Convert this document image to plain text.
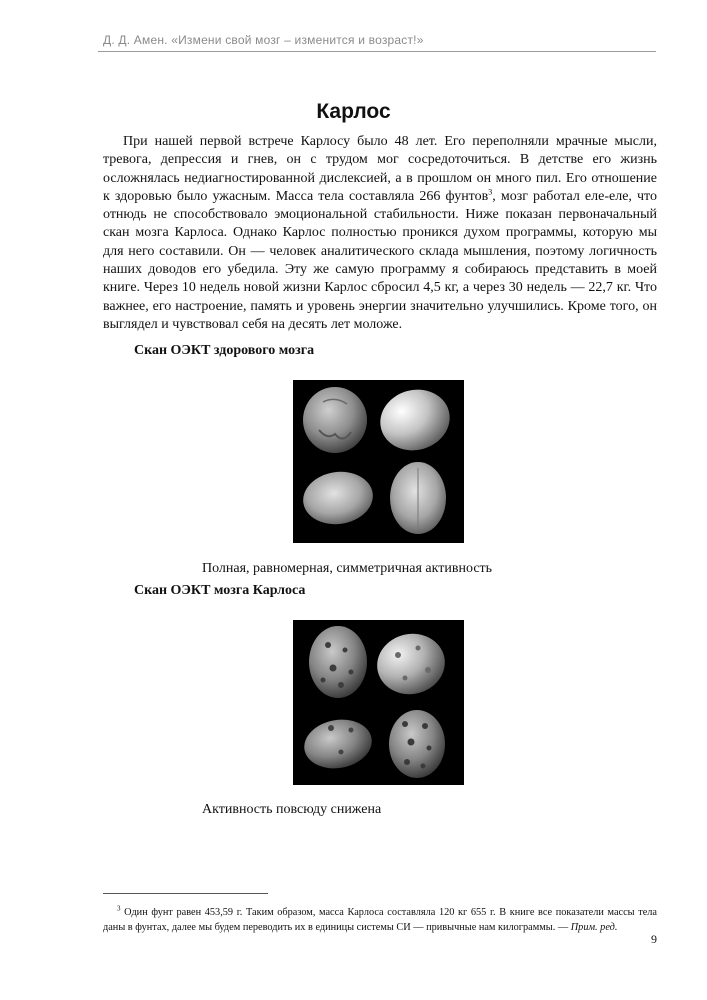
Д. Д. Амен. «Измени свой мозг – изменится и возраст!»
Карлос

При нашей первой встрече Карлосу было 48 лет. Его переполняли мрачные мысли, тревога, депрессия и гнев, он с трудом мог сосредоточиться. В детстве его жизнь осложнялась недиагностированной дислексией, а в прошлом он много пил. Его отношение к здоровью было ужасным. Масса тела составляла 266 фунтов$^3$, мозг работал еле-еле, что отнюдь не способствовало эмоциональной стабильности. Ниже показан первоначальный скан мозга Карлоса. Однако Карлос полностью проникся духом программы, которую мы для него составили. Он — человек аналитического склада мышления, поэтому логичность наших доводов его убедила. Эту же самую программу я собираюсь представить в моей книге. Через 10 недель новой жизни Карлос сбросил 4,5 кг, а через 30 недель — 22,7 кг. Что важнее, его настроение, память и уровень энергии значительно улучшились. Кроме того, он выглядел и чувствовал себя на десять лет моложе.

Скан ОЭКТ здорового мозга

Полная, равномерная, симметричная активность

Скан ОЭКТ мозга Карлоса

Активность повсюду снижена

$^3$ Один фунт равен 453,59 г. Таким образом, масса Карлоса составляла 120 кг 655 г. В книге все показатели массы тела даны в фунтах, далее мы будем переводить их в единицы системы СИ — привычные нам килограммы. — Прим. ред.

9
